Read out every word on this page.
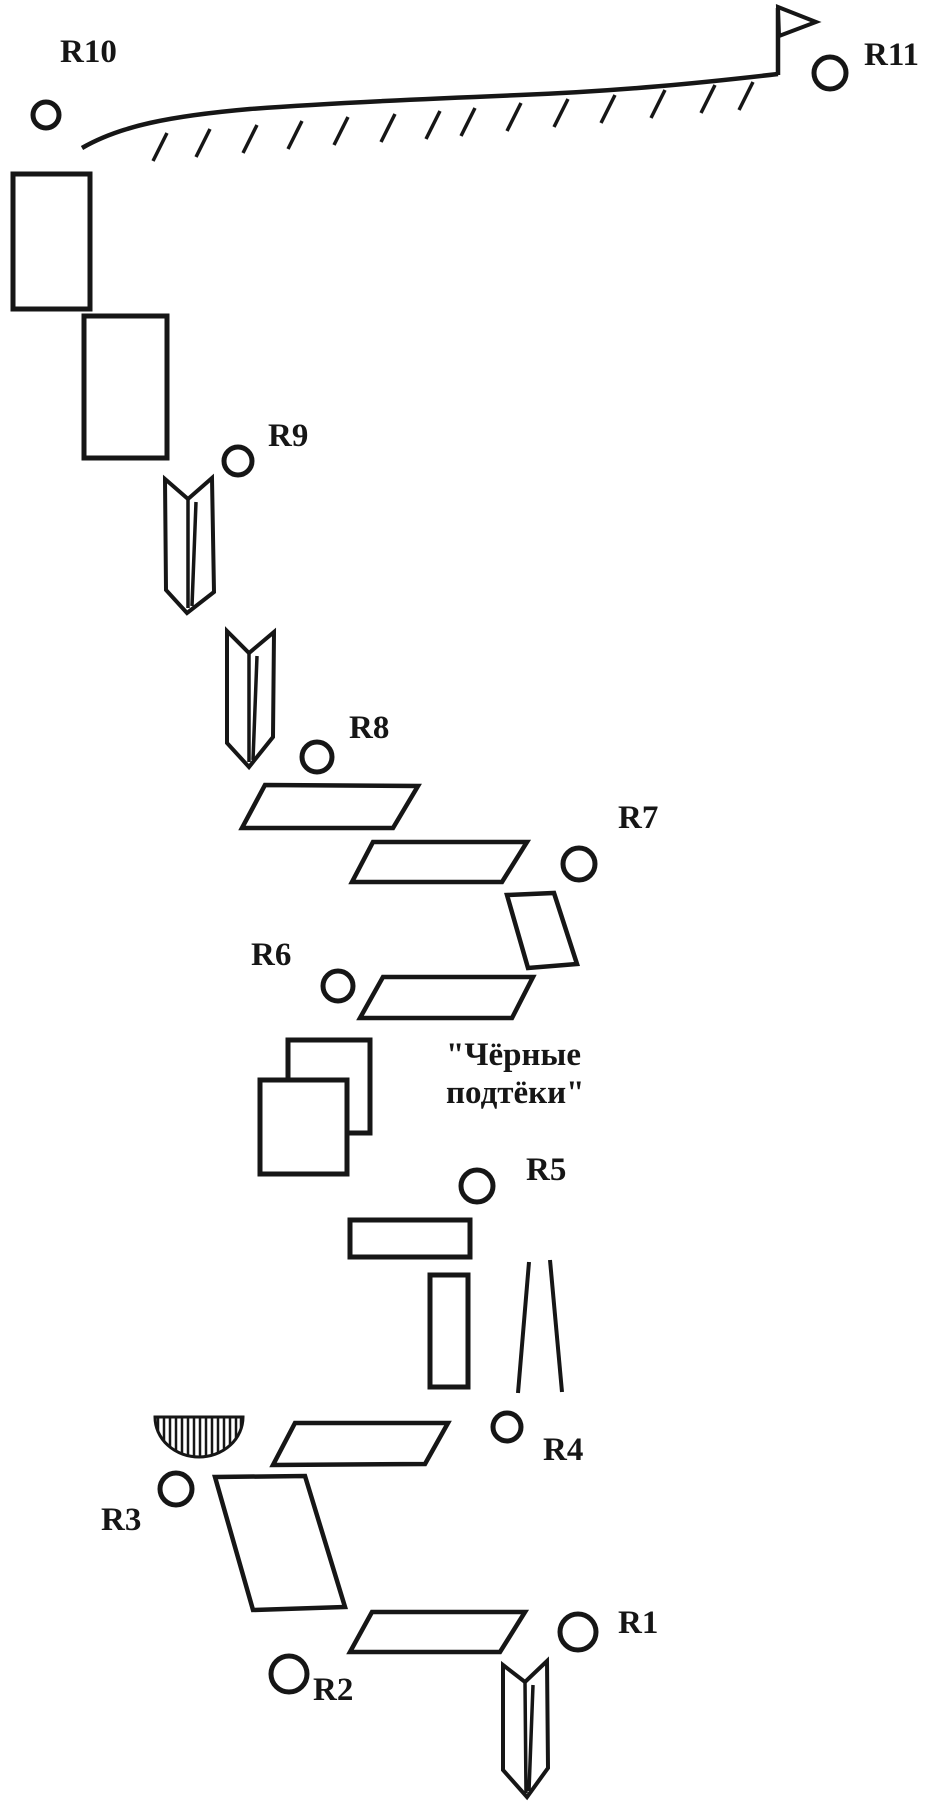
R10	R11
R9
R8
R7
R6
R5
R4
R3
R2
R1
"Чёрные
подтёки"
